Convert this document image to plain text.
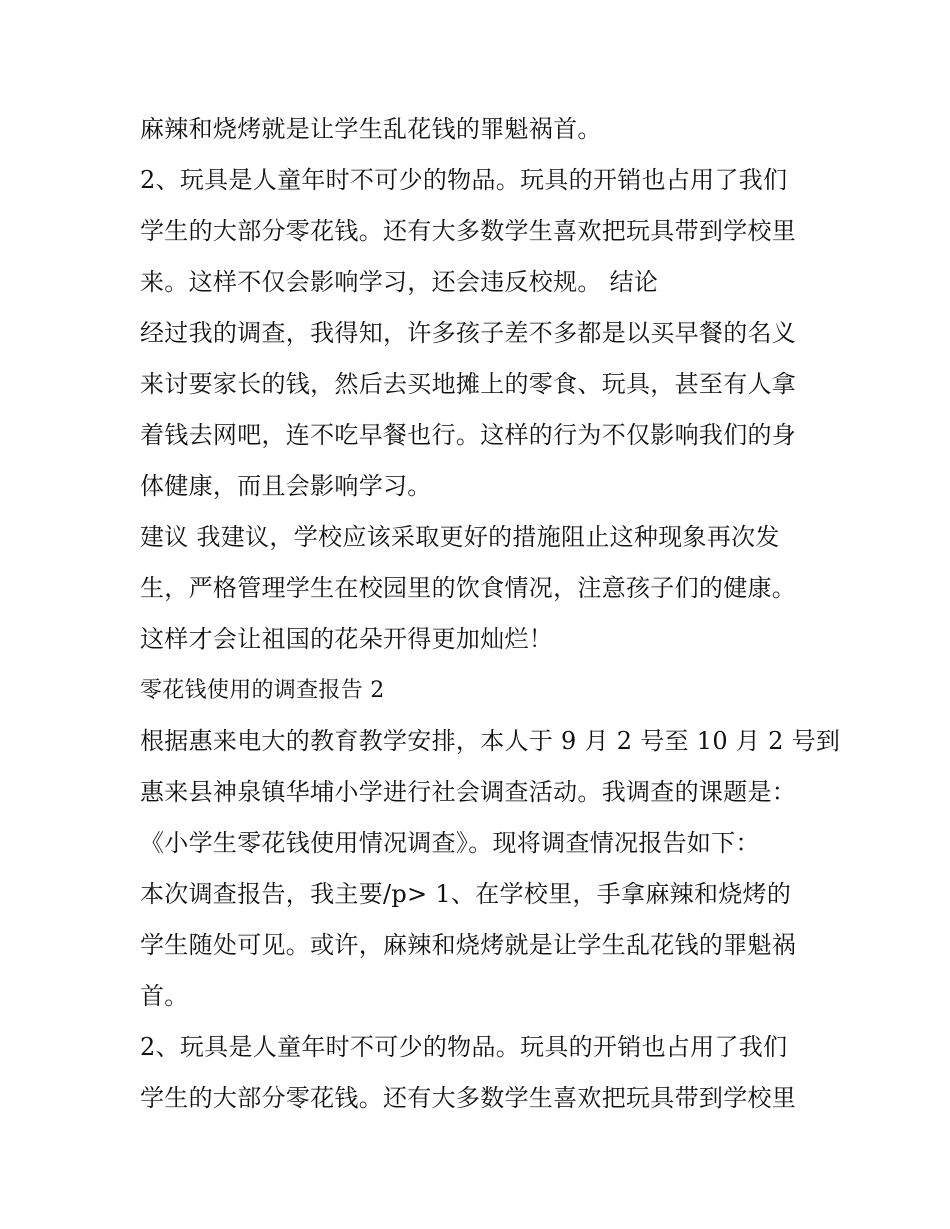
麻辣和烧烤就是让学生乱花钱的罪魁祸首。
2、玩具是人童年时不可少的物品。玩具的开销也占用了我们
学生的大部分零花钱。还有大多数学生喜欢把玩具带到学校里
来。这样不仅会影响学习，还会违反校规。 结论
经过我的调查，我得知，许多孩子差不多都是以买早餐的名义
来讨要家长的钱，然后去买地摊上的零食、玩具，甚至有人拿
着钱去网吧，连不吃早餐也行。这样的行为不仅影响我们的身
体健康，而且会影响学习。
建议 我建议，学校应该采取更好的措施阻止这种现象再次发
生，严格管理学生在校园里的饮食情况，注意孩子们的健康。
这样才会让祖国的花朵开得更加灿烂！
零花钱使用的调查报告 2
根据惠来电大的教育教学安排，本人于 9 月 2 号至 10 月 2 号到
惠来县神泉镇华埔小学进行社会调查活动。我调查的课题是：
《小学生零花钱使用情况调查》。现将调查情况报告如下：
本次调查报告，我主要/p> 1、在学校里，手拿麻辣和烧烤的
学生随处可见。或许，麻辣和烧烤就是让学生乱花钱的罪魁祸
首。
2、玩具是人童年时不可少的物品。玩具的开销也占用了我们
学生的大部分零花钱。还有大多数学生喜欢把玩具带到学校里
